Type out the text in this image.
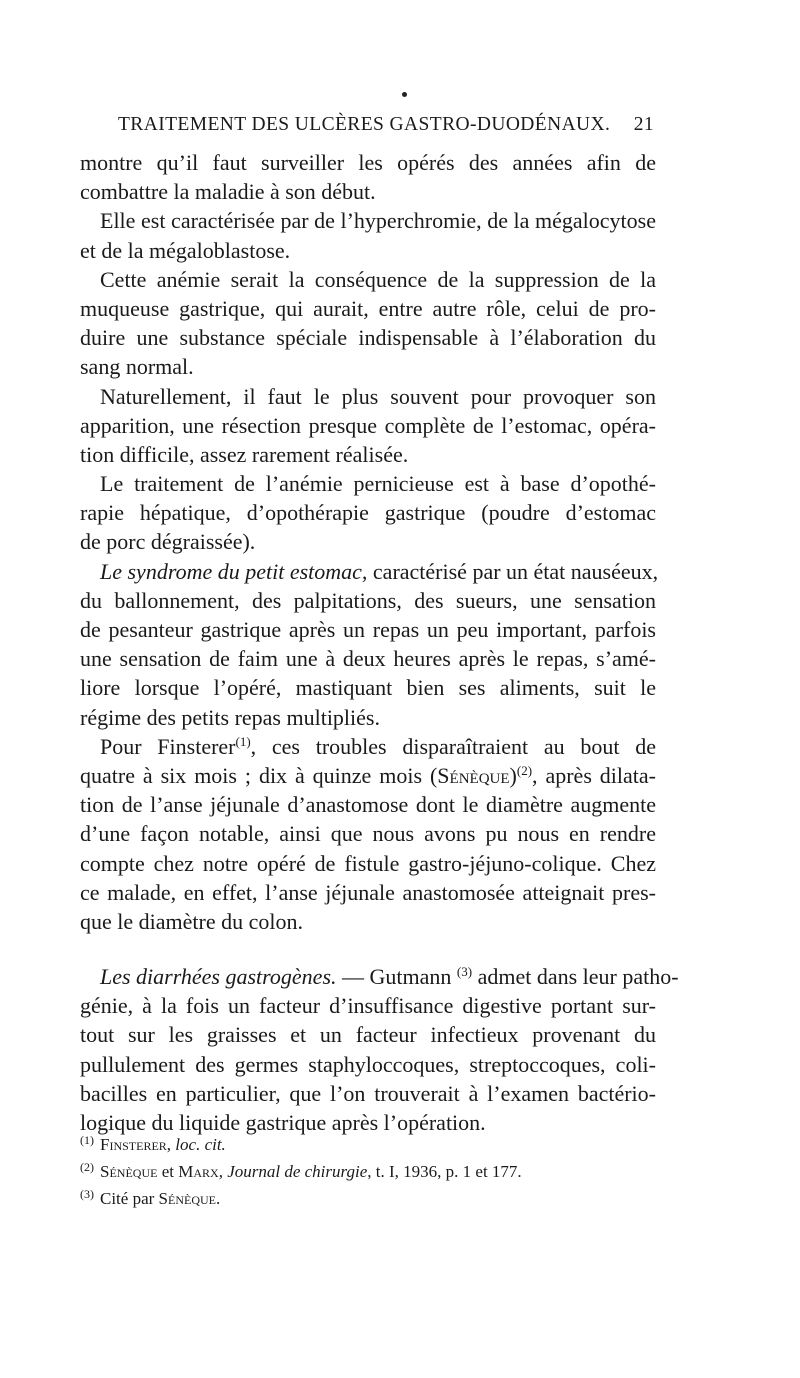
TRAITEMENT DES ULCÈRES GASTRO-DUODÉNAUX. 21
montre qu’il faut surveiller les opérés des années afin de
combattre la maladie à son début.
Elle est caractérisée par de l’hyperchromie, de la mégalocytose
et de la mégaloblastose.
Cette anémie serait la conséquence de la suppression de la
muqueuse gastrique, qui aurait, entre autre rôle, celui de pro-
duire une substance spéciale indispensable à l’élaboration du
sang normal.
Naturellement, il faut le plus souvent pour provoquer son
apparition, une résection presque complète de l’estomac, opéra-
tion difficile, assez rarement réalisée.
Le traitement de l’anémie pernicieuse est à base d’opothé-
rapie hépatique, d’opothérapie gastrique (poudre d’estomac
de porc dégraissée).
Le syndrome du petit estomac, caractérisé par un état nauséeux,
du ballonnement, des palpitations, des sueurs, une sensation
de pesanteur gastrique après un repas un peu important, parfois
une sensation de faim une à deux heures après le repas, s’amé-
liore lorsque l’opéré, mastiquant bien ses aliments, suit le
régime des petits repas multipliés.
Pour Finsterer$^{(1)}$, ces troubles disparaîtraient au bout de
quatre à six mois ; dix à quinze mois (Sénèque)$^{(2)}$, après dilata-
tion de l’anse jéjunale d’anastomose dont le diamètre augmente
d’une façon notable, ainsi que nous avons pu nous en rendre
compte chez notre opéré de fistule gastro-jéjuno-colique. Chez
ce malade, en effet, l’anse jéjunale anastomosée atteignait pres-
que le diamètre du colon.
Les diarrhées gastrogènes. — Gutmann $^{(3)}$ admet dans leur patho-
génie, à la fois un facteur d’insuffisance digestive portant sur-
tout sur les graisses et un facteur infectieux provenant du
pullulement des germes staphyloccoques, streptoccoques, coli-
bacilles en particulier, que l’on trouverait à l’examen bactério-
logique du liquide gastrique après l’opération.
$^{(1)}$ Finsterer, loc. cit.
$^{(2)}$ Sénèque et Marx, Journal de chirurgie, t. I, 1936, p. 1 et 177.
$^{(3)}$ Cité par Sénèque.
